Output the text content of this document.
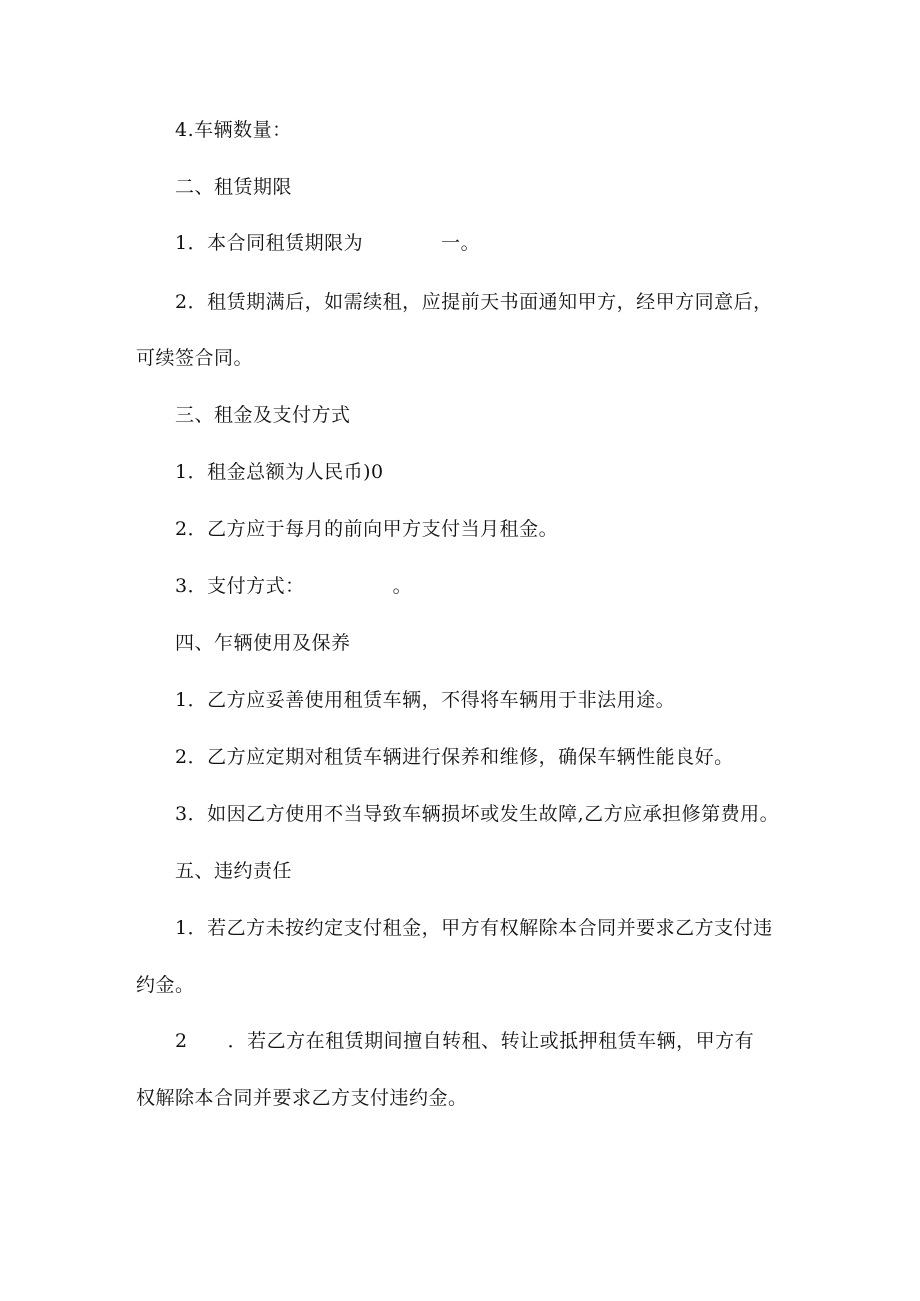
4.车辆数量：
二、租赁期限
1．本合同租赁期限为	一。
2．租赁期满后，如需续租，应提前天书面通知甲方，经甲方同意后，
可续签合同。
三、租金及支付方式
1．租金总额为人民币)0
2．乙方应于每月的前向甲方支付当月租金。
3．支付方式：	。
四、乍辆使用及保养
1．乙方应妥善使用租赁车辆，不得将车辆用于非法用途。
2．乙方应定期对租赁车辆进行保养和维修，确保车辆性能良好。
3．如因乙方使用不当导致车辆损坏或发生故障,乙方应承担修第费用。
五、违约责任
1．若乙方未按约定支付租金，甲方有权解除本合同并要求乙方支付违
约金。
2 ．若乙方在租赁期间擅自转租、转让或抵押租赁车辆，甲方有
权解除本合同并要求乙方支付违约金。
